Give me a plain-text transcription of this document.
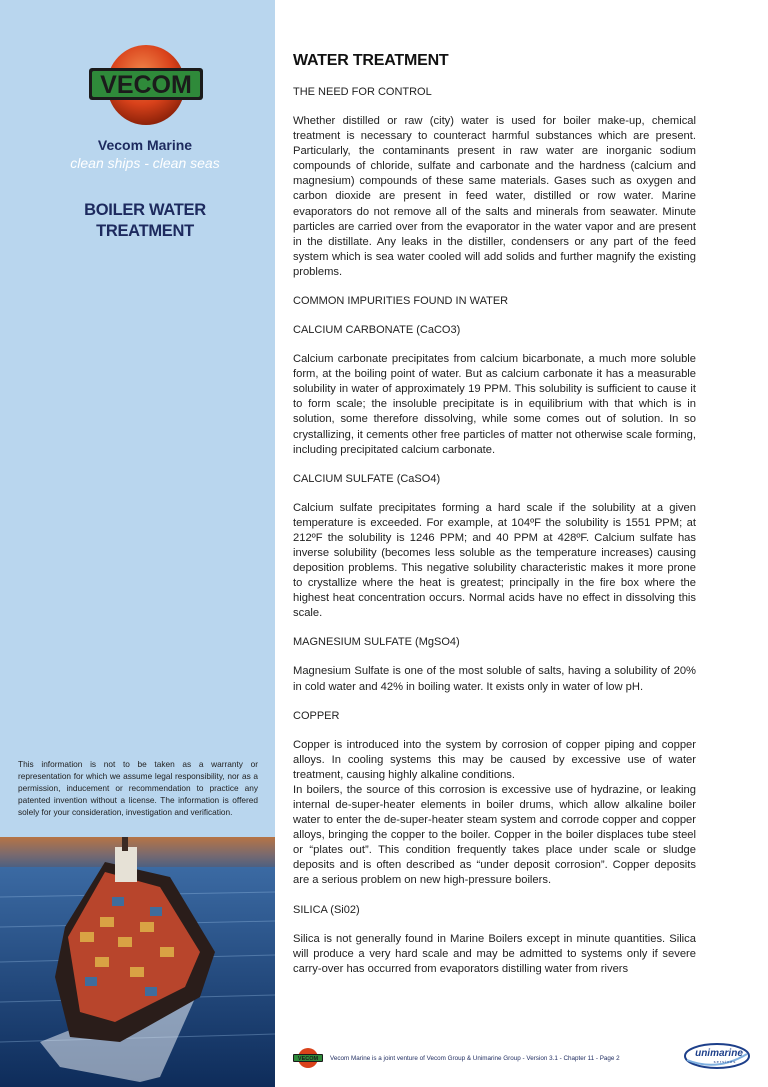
VECOM
Vecom Marine
clean ships - clean seas
BOILER WATER
TREATMENT
This information is not to be taken as a warranty or representation for which we assume legal responsibility, nor as a permission, inducement or recommendation to practice any patented invention without a license. The information is offered solely for your consideration, investigation and verification.
WATER TREATMENT
THE NEED FOR CONTROL
Whether distilled or raw (city) water is used for boiler make-up, chemical treatment is necessary to counteract harmful substances which are present. Particularly, the contaminants present in raw water are inorganic sodium compounds of chloride, sulfate and carbonate and the hardness (calcium and magnesium) compounds of these same materials. Gases such as oxygen and carbon dioxide are present in feed water, distilled or row water. Marine evaporators do not remove all of the salts and minerals from seawater. Minute particles are carried over from the evaporator in the water vapor and are present in the distillate. Any leaks in the distiller, condensers or any part of the feed system which is sea water cooled will add solids and further magnify the existing problems.
COMMON IMPURITIES FOUND IN WATER
CALCIUM CARBONATE (CaCO3)
Calcium carbonate precipitates from calcium bicarbonate, a much more soluble form, at the boiling point of water. But as calcium carbonate it has a measurable solubility in water of approximately 19 PPM. This solubility is sufficient to cause it to form scale; the insoluble precipitate is in equilibrium with that which is in solution, some therefore dissolving, while some comes out of solution. In so crystallizing, it cements other free particles of matter not otherwise scale forming, including precipitated calcium carbonate.
CALCIUM SULFATE (CaSO4)
Calcium sulfate precipitates forming a hard scale if the solubility at a given temperature is exceeded. For example, at 104ºF the solubility is 1551 PPM; at 212ºF the solubility is 1246 PPM; and 40 PPM at 428ºF. Calcium sulfate has inverse solubility (becomes less soluble as the temperature increases) causing deposition problems. This negative solubility characteristic makes it more prone to crystallize where the heat is greatest; principally in the fire box where the highest heat concentration occurs. Normal acids have no effect in dissolving this scale.
MAGNESIUM SULFATE (MgSO4)
Magnesium Sulfate is one of the most soluble of salts, having a solubility of 20% in cold water and 42% in boiling water. It exists only in water of low pH.
COPPER
Copper is introduced into the system by corrosion of copper piping and copper alloys. In cooling systems this may be caused by excessive use of water treatment, causing highly alkaline conditions.
In boilers, the source of this corrosion is excessive use of hydrazine, or leaking internal de-super-heater elements in boiler drums, which allow alkaline boiler water to enter the de-super-heater steam system and corrode copper and copper alloys, bringing the copper to the boiler. Copper in the boiler displaces tube steel or “plates out”. This condition frequently takes place under scale or sludge deposits and is often described as “under deposit corrosion”. Copper deposits are a serious problem on new high-pressure boilers.
SILICA (Si02)
Silica is not generally found in Marine Boilers except in minute quantities. Silica will produce a very hard scale and may be admitted to systems only if severe carry-over has occurred from evaporators distilling water from rivers
VECOM Vecom Marine is a joint venture of Vecom Group & Unimarine Group - Version 3.1 - Chapter 11 - Page 2	unimarine
services
